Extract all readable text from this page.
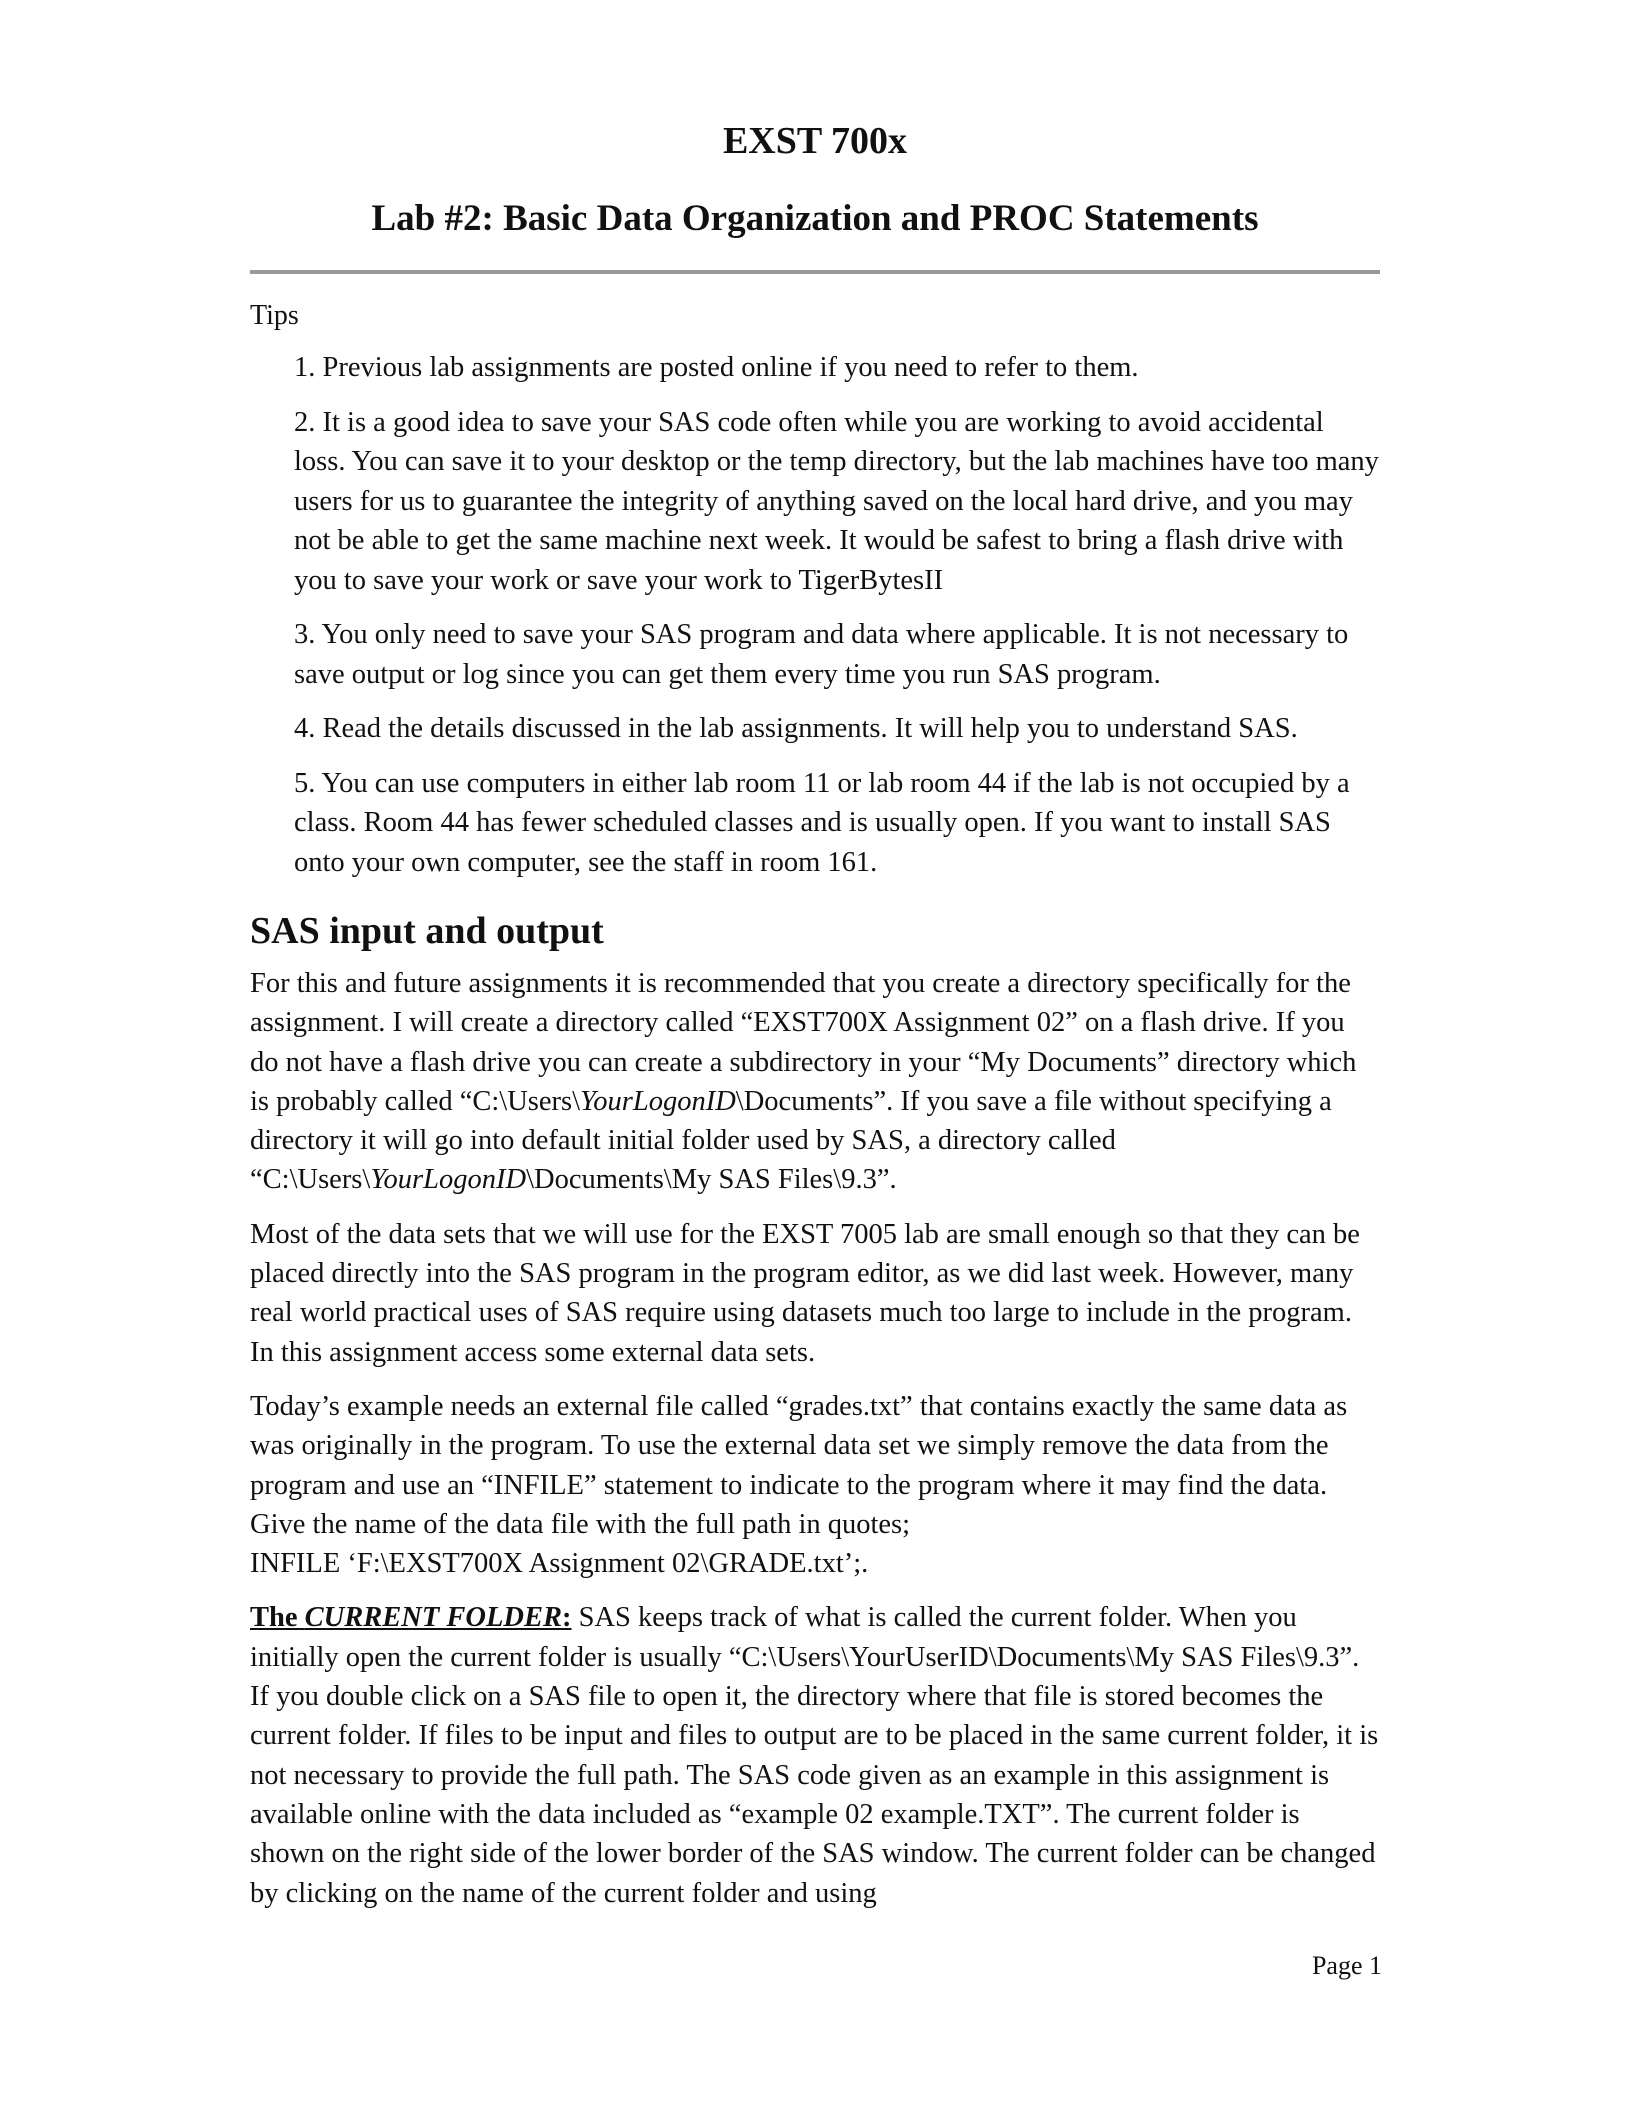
EXST 700x
Lab #2: Basic Data Organization and PROC Statements
Tips
1. Previous lab assignments are posted online if you need to refer to them.
2. It is a good idea to save your SAS code often while you are working to avoid accidental loss. You can save it to your desktop or the temp directory, but the lab machines have too many users for us to guarantee the integrity of anything saved on the local hard drive, and you may not be able to get the same machine next week. It would be safest to bring a flash drive with you to save your work or save your work to TigerBytesII
3. You only need to save your SAS program and data where applicable. It is not necessary to save output or log since you can get them every time you run SAS program.
4. Read the details discussed in the lab assignments. It will help you to understand SAS.
5. You can use computers in either lab room 11 or lab room 44 if the lab is not occupied by a class. Room 44 has fewer scheduled classes and is usually open. If you want to install SAS onto your own computer, see the staff in room 161.
SAS input and output

For this and future assignments it is recommended that you create a directory specifically for the assignment. I will create a directory called “EXST700X Assignment 02” on a flash drive. If you do not have a flash drive you can create a subdirectory in your “My Documents” directory which is probably called “C:\Users\YourLogonID\Documents”. If you save a file without specifying a directory it will go into default initial folder used by SAS, a directory called “C:\Users\YourLogonID\Documents\My SAS Files\9.3”.

Most of the data sets that we will use for the EXST 7005 lab are small enough so that they can be placed directly into the SAS program in the program editor, as we did last week. However, many real world practical uses of SAS require using datasets much too large to include in the program. In this assignment access some external data sets.

Today’s example needs an external file called “grades.txt” that contains exactly the same data as was originally in the program. To use the external data set we simply remove the data from the program and use an “INFILE” statement to indicate to the program where it may find the data. Give the name of the data file with the full path in quotes;
INFILE ‘F:\EXST700X Assignment 02\GRADE.txt’;.

The CURRENT FOLDER: SAS keeps track of what is called the current folder. When you initially open the current folder is usually “C:\Users\YourUserID\Documents\My SAS Files\9.3”. If you double click on a SAS file to open it, the directory where that file is stored becomes the current folder. If files to be input and files to output are to be placed in the same current folder, it is not necessary to provide the full path. The SAS code given as an example in this assignment is available online with the data included as “example 02 example.TXT”. The current folder is shown on the right side of the lower border of the SAS window. The current folder can be changed by clicking on the name of the current folder and using

Page 1
